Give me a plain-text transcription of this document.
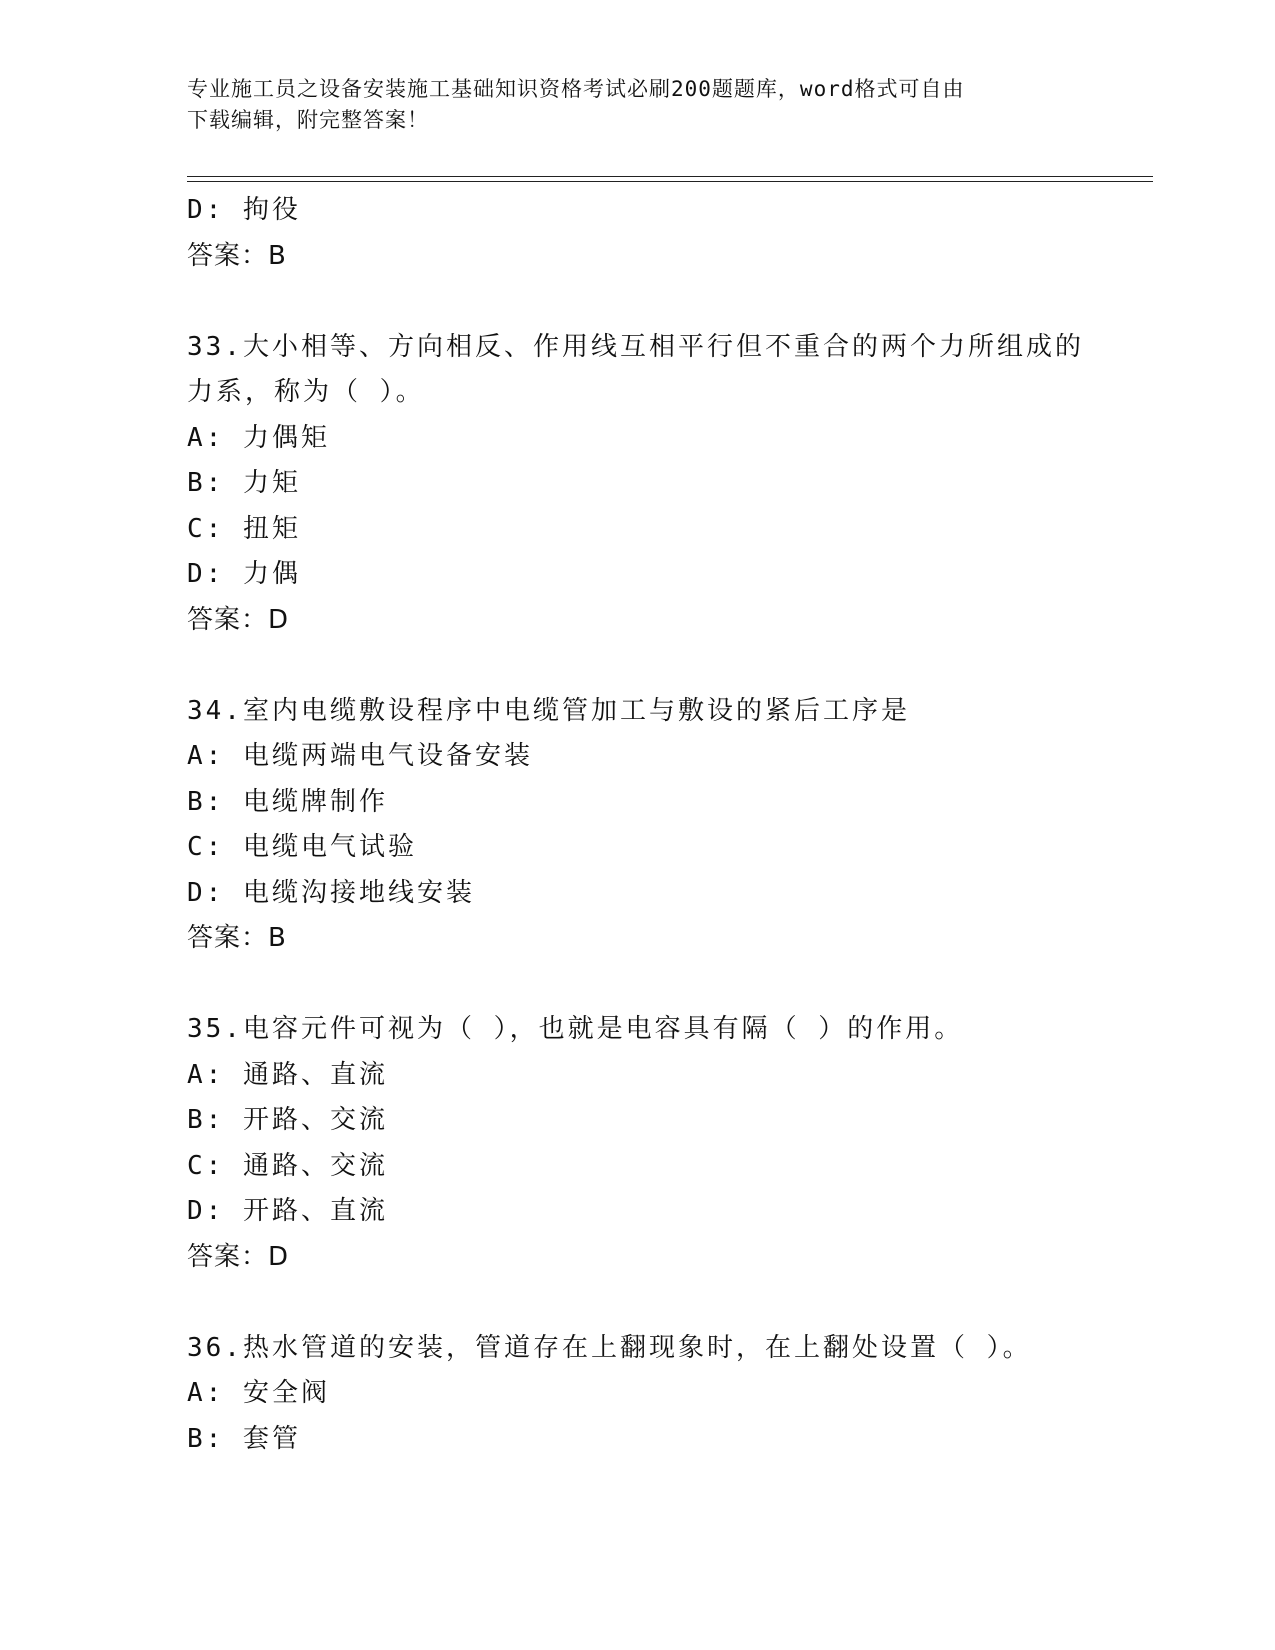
专业施工员之设备安装施工基础知识资格考试必刷200题题库，word格式可自由
下载编辑，附完整答案！
D: 拘役
答案：B
33.大小相等、方向相反、作用线互相平行但不重合的两个力所组成的
力系，称为（ ）。
A: 力偶矩
B: 力矩
C: 扭矩
D: 力偶
答案：D
34.室内电缆敷设程序中电缆管加工与敷设的紧后工序是
A: 电缆两端电气设备安装
B: 电缆牌制作
C: 电缆电气试验
D: 电缆沟接地线安装
答案：B
35.电容元件可视为（ ），也就是电容具有隔（ ）的作用。
A: 通路、直流
B: 开路、交流
C: 通路、交流
D: 开路、直流
答案：D
36.热水管道的安装，管道存在上翻现象时，在上翻处设置（ ）。
A: 安全阀
B: 套管
